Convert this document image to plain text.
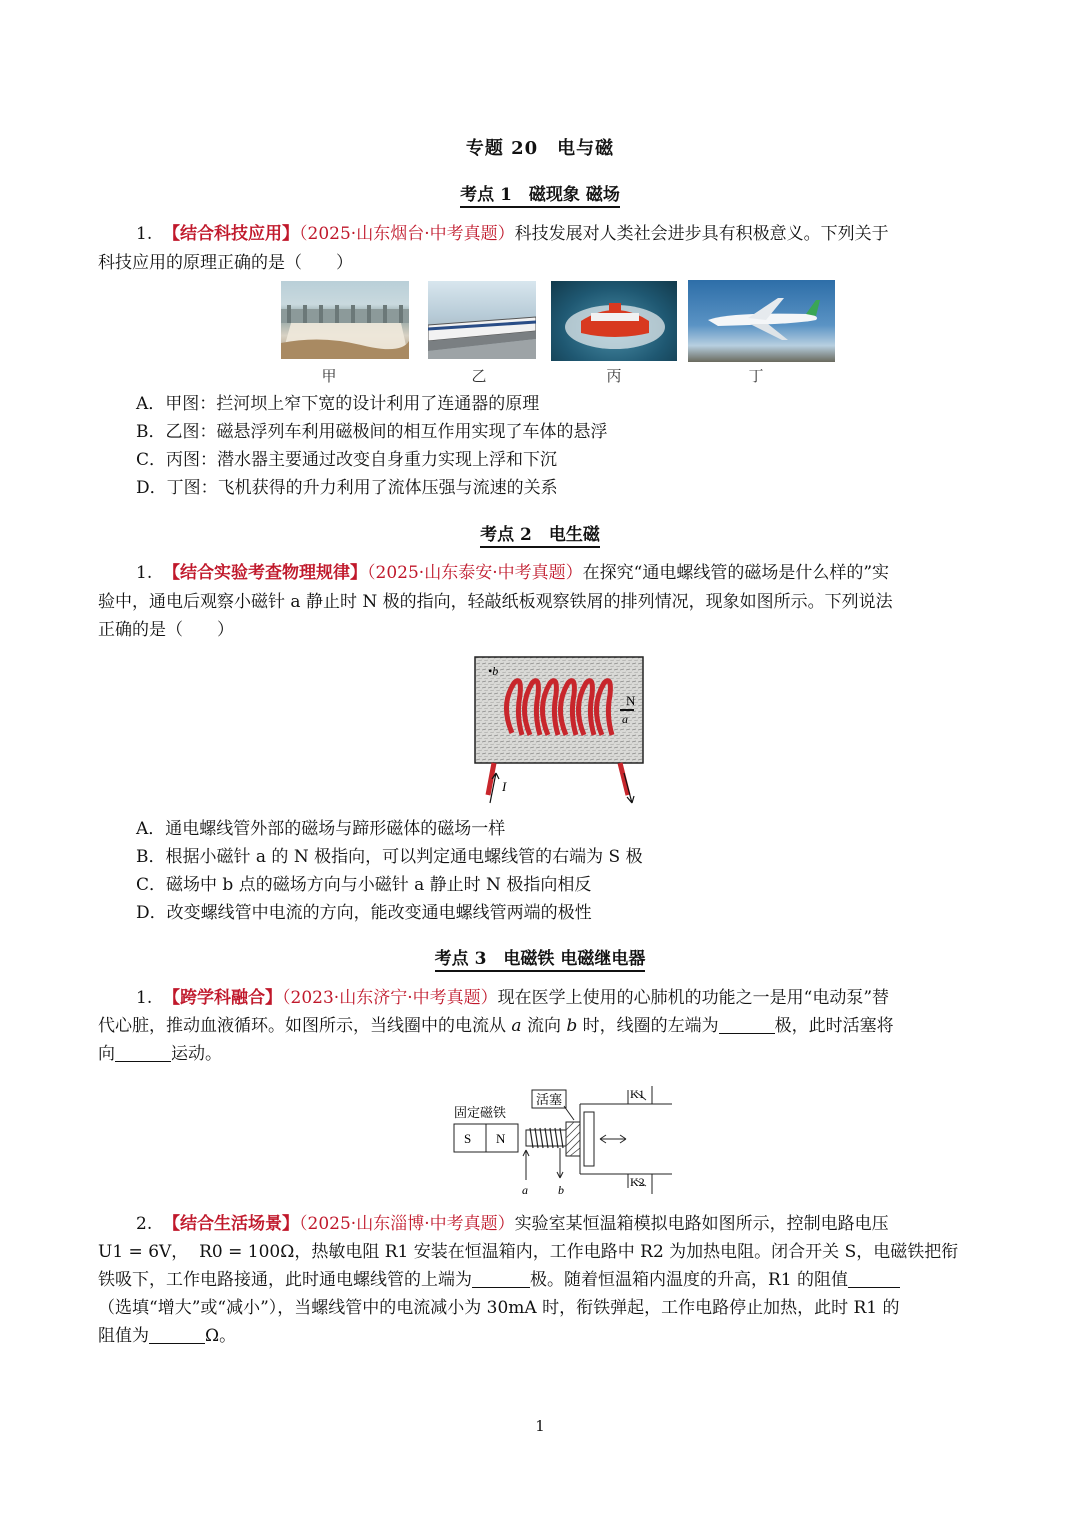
专题 20　电与磁
考点 1　磁现象 磁场
1. 【结合科技应用】（2025·山东烟台·中考真题）科技发展对人类社会进步具有积极意义。下列关于
科技应用的原理正确的是（　　）
甲	乙	丙	丁
A．甲图：拦河坝上窄下宽的设计利用了连通器的原理
B．乙图：磁悬浮列车利用磁极间的相互作用实现了车体的悬浮
C．丙图：潜水器主要通过改变自身重力实现上浮和下沉
D．丁图：飞机获得的升力利用了流体压强与流速的关系
考点 2　电生磁
1. 【结合实验考查物理规律】（2025·山东泰安·中考真题）在探究“通电螺线管的磁场是什么样的”实
验中，通电后观察小磁针 a 静止时 N 极的指向，轻敲纸板观察铁屑的排列情况，现象如图所示。下列说法
正确的是（　　）
•b
N
a
I
A．通电螺线管外部的磁场与蹄形磁体的磁场一样
B．根据小磁针 a 的 N 极指向，可以判定通电螺线管的右端为 S 极
C．磁场中 b 点的磁场方向与小磁针 a 静止时 N 极指向相反
D．改变螺线管中电流的方向，能改变通电螺线管两端的极性
考点 3　电磁铁 电磁继电器
1. 【跨学科融合】（2023·山东济宁·中考真题）现在医学上使用的心肺机的功能之一是用“电动泵”替
代心脏，推动血液循环。如图所示，当线圈中的电流从 a 流向 b 时，线圈的左端为	极，此时活塞将
向	运动。
固定磁铁
S N
K1
K2
活塞
a	b
2. 【结合生活场景】（2025·山东淄博·中考真题）实验室某恒温箱模拟电路如图所示，控制电路电压
U1 = 6V， R0 = 100Ω，热敏电阻 R1 安装在恒温箱内，工作电路中 R2 为加热电阻。闭合开关 S，电磁铁把衔
铁吸下，工作电路接通，此时通电螺线管的上端为	极。随着恒温箱内温度的升高，R1 的阻值
（选填“增大”或“减小”），当螺线管中的电流减小为 30mA 时，衔铁弹起，工作电路停止加热，此时 R1 的
阻值为	Ω。
1
